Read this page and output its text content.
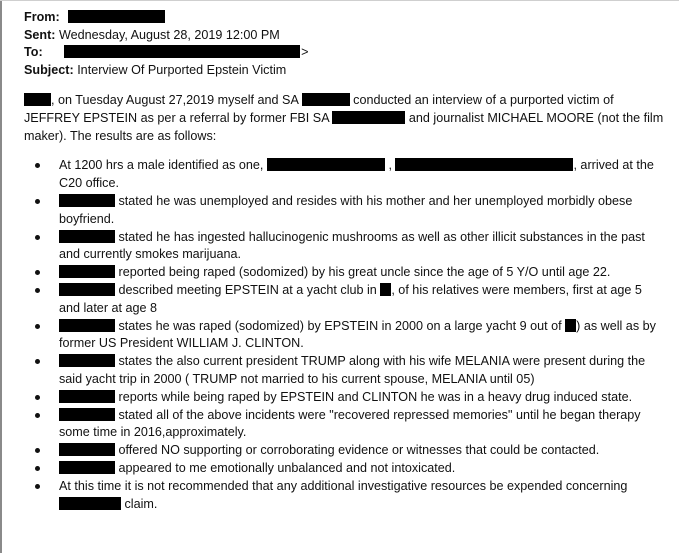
From:
Sent: Wednesday, August 28, 2019 12:00 PM
To:	>
Subject: Interview Of Purported Epstein Victim

, on Tuesday August 27,2019 myself and SA	conducted an interview of a purported victim of JEFFREY EPSTEIN as per a referral by former FBI SA	and journalist MICHAEL MOORE (not the film maker). The results are as follows:

At 1200 hrs a male identified as one,	,	, arrived at the C20 office.
stated he was unemployed and resides with his mother and her unemployed morbidly obese boyfriend.
stated he has ingested hallucinogenic mushrooms as well as other illicit substances in the past and currently smokes marijuana.
reported being raped (sodomized) by his great uncle since the age of 5 Y/O until age 22.
described meeting EPSTEIN at a yacht club in , of his relatives were members, first at age 5 and later at age 8
states he was raped (sodomized) by EPSTEIN in 2000 on a large yacht 9 out of ) as well as by former US President WILLIAM J. CLINTON.
states the also current president TRUMP along with his wife MELANIA were present during the said yacht trip in 2000 ( TRUMP not married to his current spouse, MELANIA until 05)
reports while being raped by EPSTEIN and CLINTON he was in a heavy drug induced state.
stated all of the above incidents were "recovered repressed memories" until he began therapy some time in 2016,approximately.
offered NO supporting or corroborating evidence or witnesses that could be contacted.
appeared to me emotionally unbalanced and not intoxicated.
At this time it is not recommended that any additional investigative resources be expended concerning  claim.
